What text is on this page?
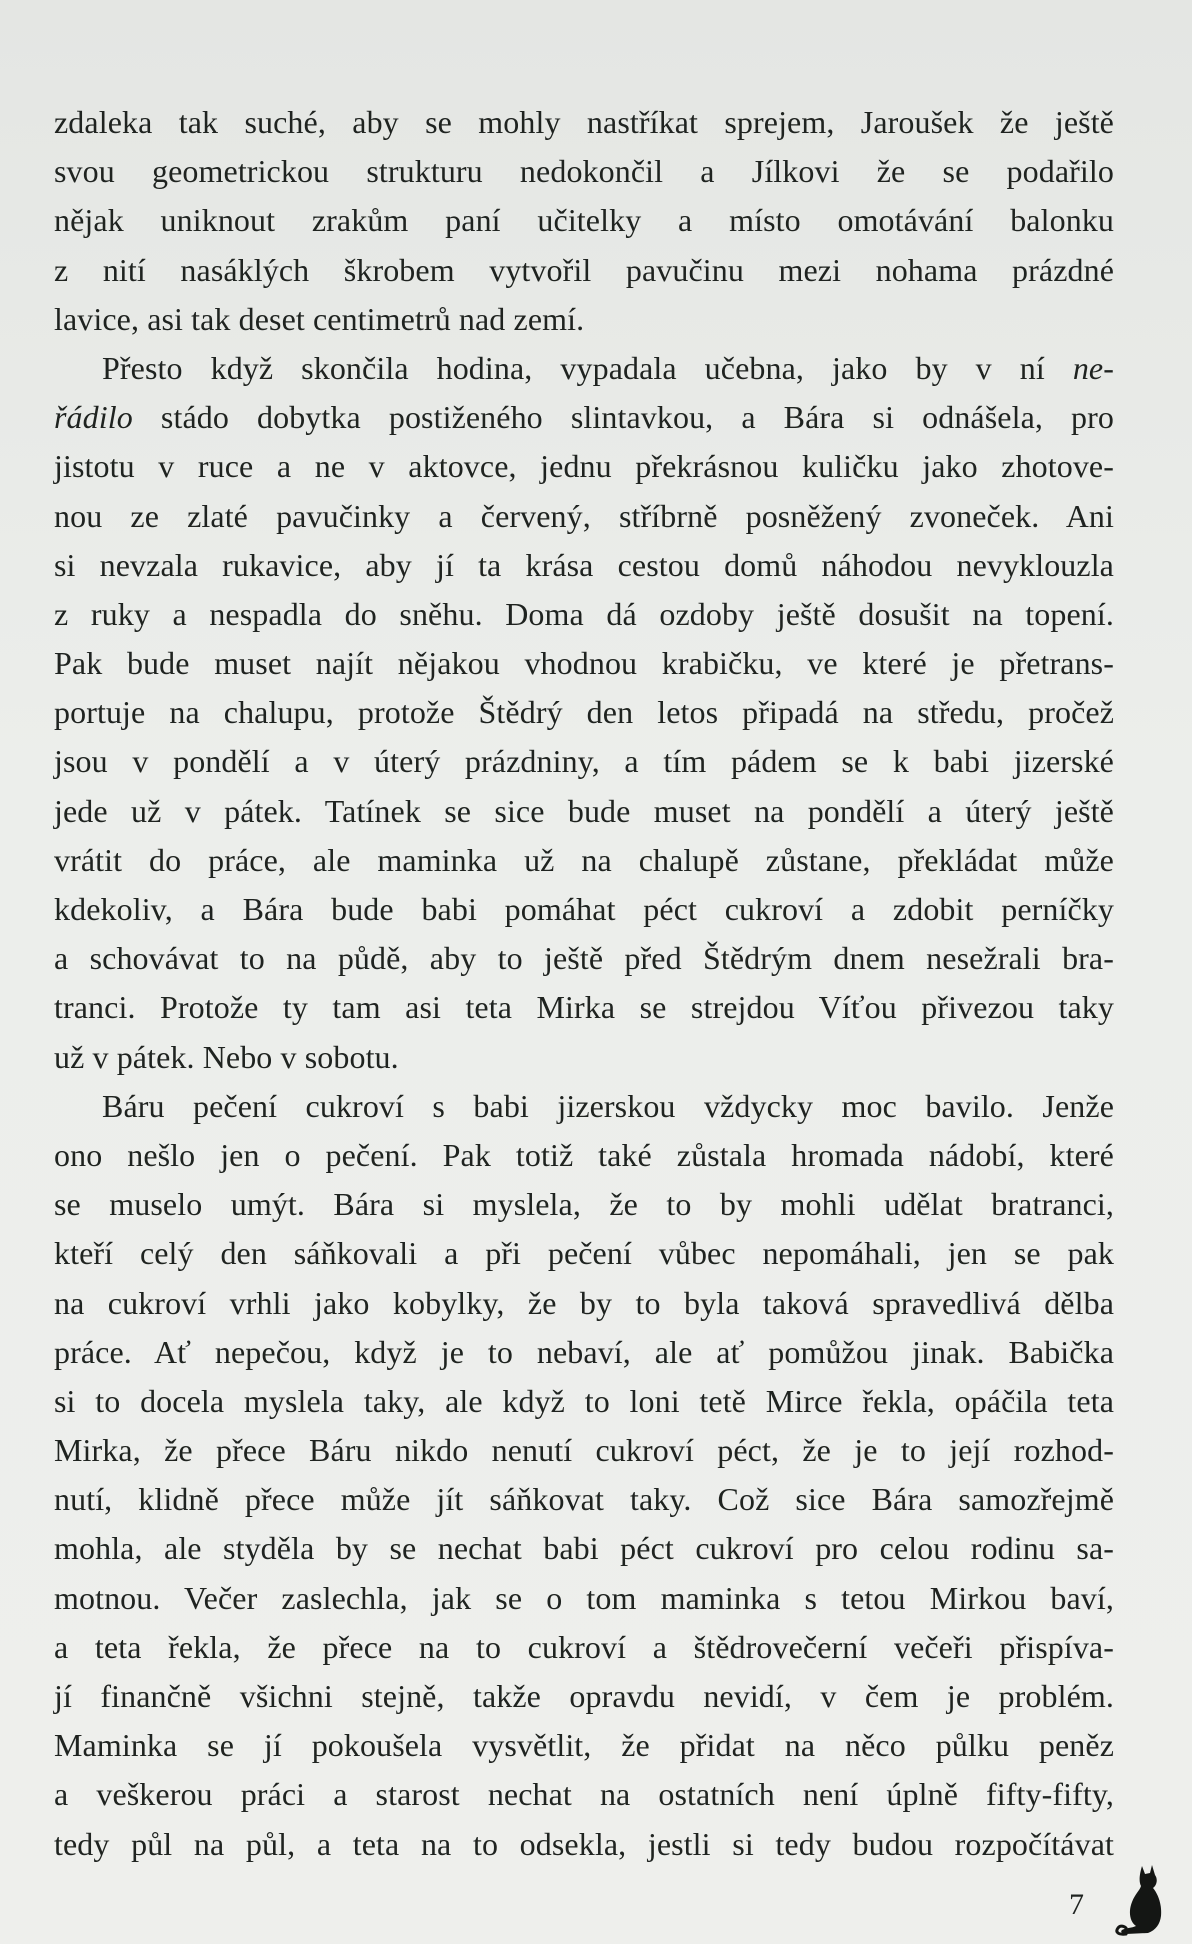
zdaleka tak suché, aby se mohly nastříkat sprejem, Jaroušek že ještě
svou geometrickou strukturu nedokončil a Jílkovi že se podařilo
nějak uniknout zrakům paní učitelky a místo omotávání balonku
z nití nasáklých škrobem vytvořil pavučinu mezi nohama prázdné
lavice, asi tak deset centimetrů nad zemí.
Přesto když skončila hodina, vypadala učebna, jako by v ní ne-
řádilo stádo dobytka postiženého slintavkou, a Bára si odnášela, pro
jistotu v ruce a ne v aktovce, jednu překrásnou kuličku jako zhotove-
nou ze zlaté pavučinky a červený, stříbrně posněžený zvoneček. Ani
si nevzala rukavice, aby jí ta krása cestou domů náhodou nevyklouzla
z ruky a nespadla do sněhu. Doma dá ozdoby ještě dosušit na topení.
Pak bude muset najít nějakou vhodnou krabičku, ve které je přetrans-
portuje na chalupu, protože Štědrý den letos připadá na středu, pročež
jsou v pondělí a v úterý prázdniny, a tím pádem se k babi jizerské
jede už v pátek. Tatínek se sice bude muset na pondělí a úterý ještě
vrátit do práce, ale maminka už na chalupě zůstane, překládat může
kdekoliv, a Bára bude babi pomáhat péct cukroví a zdobit perníčky
a schovávat to na půdě, aby to ještě před Štědrým dnem nesežrali bra-
tranci. Protože ty tam asi teta Mirka se strejdou Víťou přivezou taky
už v pátek. Nebo v sobotu.
Báru pečení cukroví s babi jizerskou vždycky moc bavilo. Jenže
ono nešlo jen o pečení. Pak totiž také zůstala hromada nádobí, které
se muselo umýt. Bára si myslela, že to by mohli udělat bratranci,
kteří celý den sáňkovali a při pečení vůbec nepomáhali, jen se pak
na cukroví vrhli jako kobylky, že by to byla taková spravedlivá dělba
práce. Ať nepečou, když je to nebaví, ale ať pomůžou jinak. Babička
si to docela myslela taky, ale když to loni tetě Mirce řekla, opáčila teta
Mirka, že přece Báru nikdo nenutí cukroví péct, že je to její rozhod-
nutí, klidně přece může jít sáňkovat taky. Což sice Bára samozřejmě
mohla, ale styděla by se nechat babi péct cukroví pro celou rodinu sa-
motnou. Večer zaslechla, jak se o tom maminka s tetou Mirkou baví,
a teta řekla, že přece na to cukroví a štědrovečerní večeři přispíva-
jí finančně všichni stejně, takže opravdu nevidí, v čem je problém.
Maminka se jí pokoušela vysvětlit, že přidat na něco půlku peněz
a veškerou práci a starost nechat na ostatních není úplně fifty-fifty,
tedy půl na půl, a teta na to odsekla, jestli si tedy budou rozpočítávat
7
